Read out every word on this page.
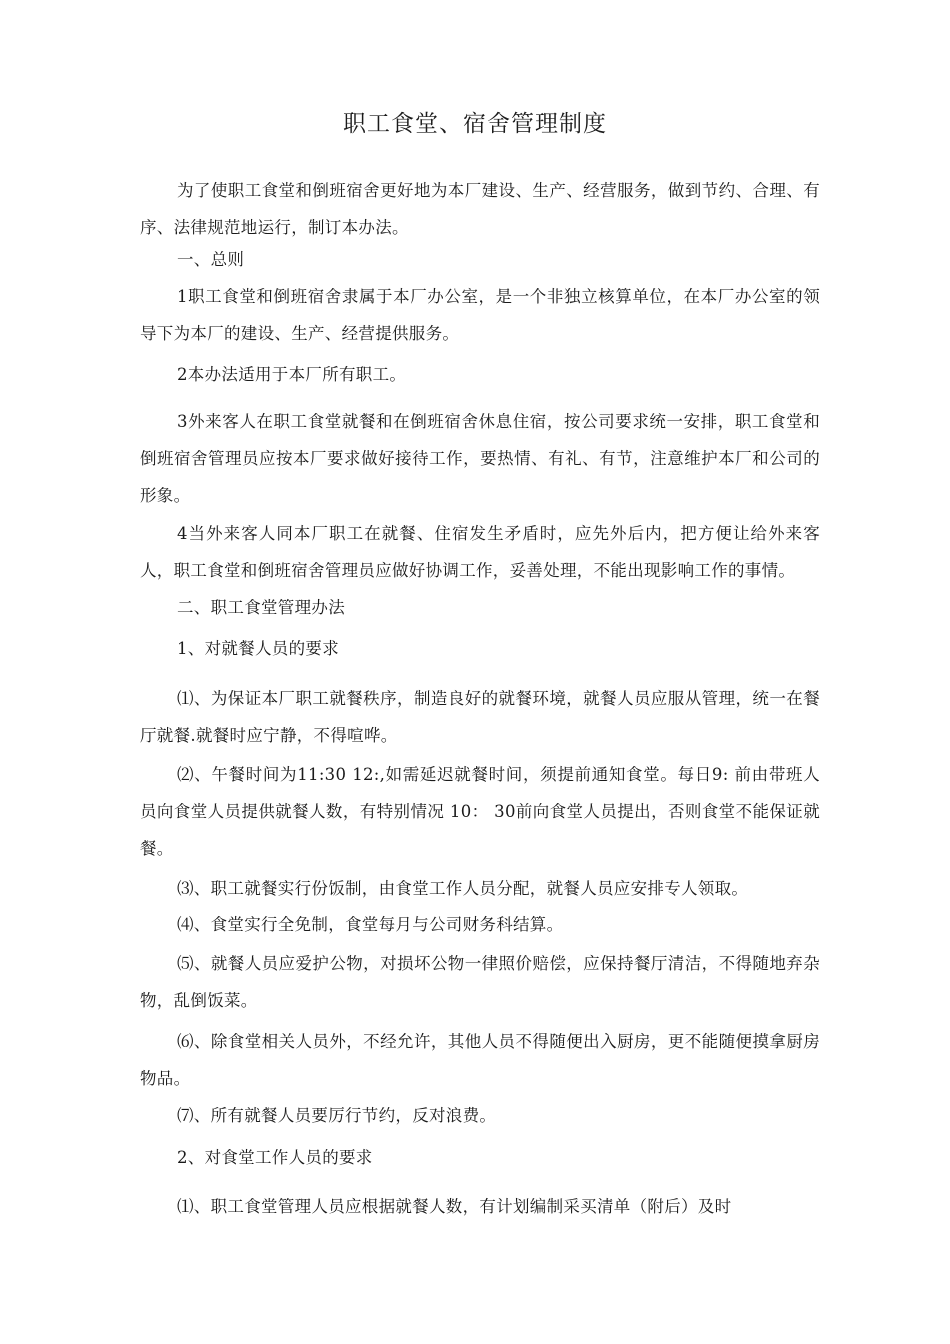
职工食堂、宿舍管理制度

为了使职工食堂和倒班宿舍更好地为本厂建设、生产、经营服务，做到节约、合理、有序、法律规范地运行，制订本办法。

一、总则

1职工食堂和倒班宿舍隶属于本厂办公室，是一个非独立核算单位，在本厂办公室的领导下为本厂的建设、生产、经营提供服务。

2本办法适用于本厂所有职工。

3外来客人在职工食堂就餐和在倒班宿舍休息住宿，按公司要求统一安排，职工食堂和倒班宿舍管理员应按本厂要求做好接待工作，要热情、有礼、有节，注意维护本厂和公司的形象。

4当外来客人同本厂职工在就餐、住宿发生矛盾时，应先外后内，把方便让给外来客人，职工食堂和倒班宿舍管理员应做好协调工作，妥善处理，不能出现影响工作的事情。

二、职工食堂管理办法

1、对就餐人员的要求

⑴、为保证本厂职工就餐秩序，制造良好的就餐环境，就餐人员应服从管理，统一在餐厅就餐.就餐时应宁静，不得喧哗。

⑵、午餐时间为11:30 12:,如需延迟就餐时间，须提前通知食堂。每日9: 前由带班人员向食堂人员提供就餐人数，有特别情况 10： 30前向食堂人员提出，否则食堂不能保证就餐。

⑶、职工就餐实行份饭制，由食堂工作人员分配，就餐人员应安排专人领取。

⑷、食堂实行全免制，食堂每月与公司财务科结算。

⑸、就餐人员应爱护公物，对损坏公物一律照价赔偿，应保持餐厅清洁，不得随地弃杂物，乱倒饭菜。

⑹、除食堂相关人员外，不经允许，其他人员不得随便出入厨房，更不能随便摸拿厨房物品。

⑺、所有就餐人员要厉行节约，反对浪费。

2、对食堂工作人员的要求

⑴、职工食堂管理人员应根据就餐人数，有计划编制采买清单（附后）及时
